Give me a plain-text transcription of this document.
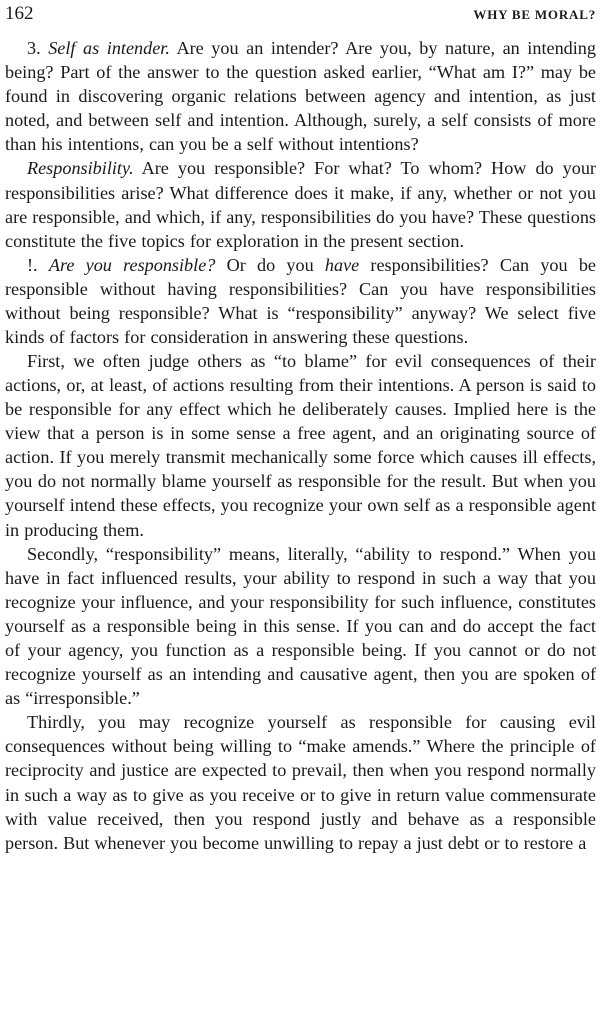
162	WHY BE MORAL?

3. Self as intender. Are you an intender? Are you, by nature, an intending being? Part of the answer to the question asked earlier, “What am I?” may be found in discovering organic relations between agency and intention, as just noted, and between self and intention. Although, surely, a self consists of more than his intentions, can you be a self without intentions?

Responsibility. Are you responsible? For what? To whom? How do your responsibilities arise? What difference does it make, if any, whether or not you are responsible, and which, if any, responsibilities do you have? These questions constitute the five topics for exploration in the present section.

!. Are you responsible? Or do you have responsibilities? Can you be responsible without having responsibilities? Can you have responsibilities without being responsible? What is “responsibility” anyway? We select five kinds of factors for consideration in answering these questions.

First, we often judge others as “to blame” for evil consequences of their actions, or, at least, of actions resulting from their intentions. A person is said to be responsible for any effect which he deliberately causes. Implied here is the view that a person is in some sense a free agent, and an originating source of action. If you merely transmit mechanically some force which causes ill effects, you do not normally blame yourself as responsible for the result. But when you yourself intend these effects, you recognize your own self as a responsible agent in producing them.

Secondly, “responsibility” means, literally, “ability to respond.” When you have in fact influenced results, your ability to respond in such a way that you recognize your influence, and your responsibility for such influence, constitutes yourself as a responsible being in this sense. If you can and do accept the fact of your agency, you function as a responsible being. If you cannot or do not recognize yourself as an intending and causative agent, then you are spoken of as “irresponsible.”

Thirdly, you may recognize yourself as responsible for causing evil consequences without being willing to “make amends.” Where the principle of reciprocity and justice are expected to prevail, then when you respond normally in such a way as to give as you receive or to give in return value commensurate with value received, then you respond justly and behave as a responsible person. But whenever you become unwilling to repay a just debt or to restore a
